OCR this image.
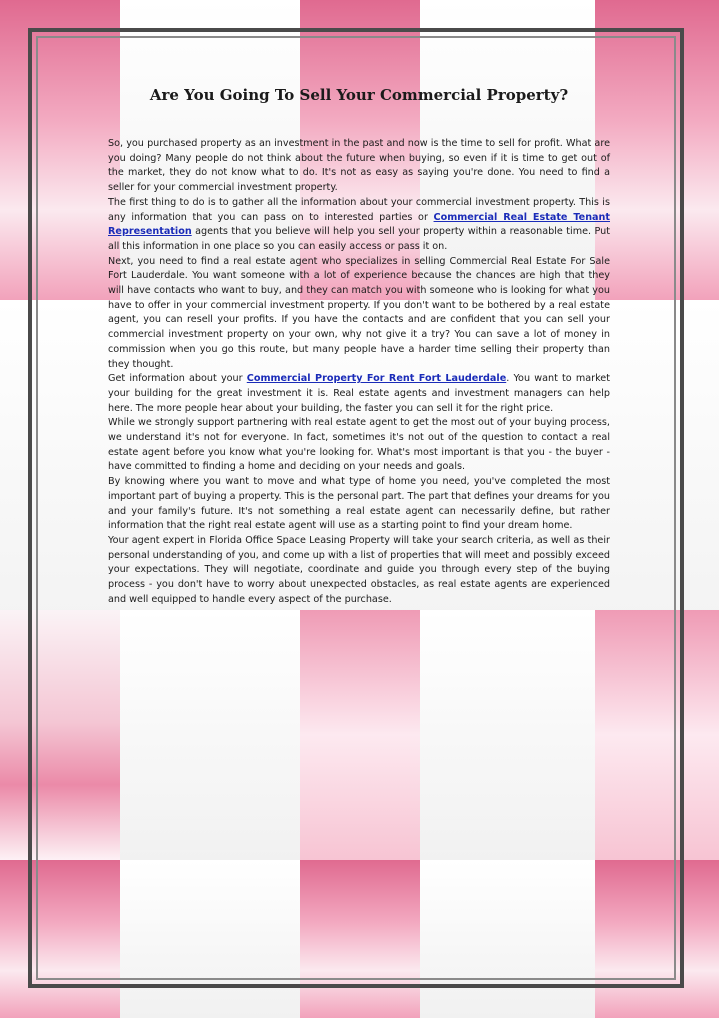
Are You Going To Sell Your Commercial Property?

So, you purchased property as an investment in the past and now is the time to sell for profit. What are you doing? Many people do not think about the future when buying, so even if it is time to get out of the market, they do not know what to do. It's not as easy as saying you're done. You need to find a seller for your commercial investment property.

The first thing to do is to gather all the information about your commercial investment property. This is any information that you can pass on to interested parties or Commercial Real Estate Tenant Representation agents that you believe will help you sell your property within a reasonable time. Put all this information in one place so you can easily access or pass it on.

Next, you need to find a real estate agent who specializes in selling Commercial Real Estate For Sale Fort Lauderdale. You want someone with a lot of experience because the chances are high that they will have contacts who want to buy, and they can match you with someone who is looking for what you have to offer in your commercial investment property. If you don't want to be bothered by a real estate agent, you can resell your profits. If you have the contacts and are confident that you can sell your commercial investment property on your own, why not give it a try? You can save a lot of money in commission when you go this route, but many people have a harder time selling their property than they thought.

Get information about your Commercial Property For Rent Fort Lauderdale. You want to market your building for the great investment it is. Real estate agents and investment managers can help here. The more people hear about your building, the faster you can sell it for the right price.

While we strongly support partnering with real estate agent to get the most out of your buying process, we understand it's not for everyone. In fact, sometimes it's not out of the question to contact a real estate agent before you know what you're looking for. What's most important is that you - the buyer - have committed to finding a home and deciding on your needs and goals.

By knowing where you want to move and what type of home you need, you've completed the most important part of buying a property. This is the personal part. The part that defines your dreams for you and your family's future. It's not something a real estate agent can necessarily define, but rather information that the right real estate agent will use as a starting point to find your dream home.

Your agent expert in Florida Office Space Leasing Property will take your search criteria, as well as their personal understanding of you, and come up with a list of properties that will meet and possibly exceed your expectations. They will negotiate, coordinate and guide you through every step of the buying process - you don't have to worry about unexpected obstacles, as real estate agents are experienced and well equipped to handle every aspect of the purchase.
